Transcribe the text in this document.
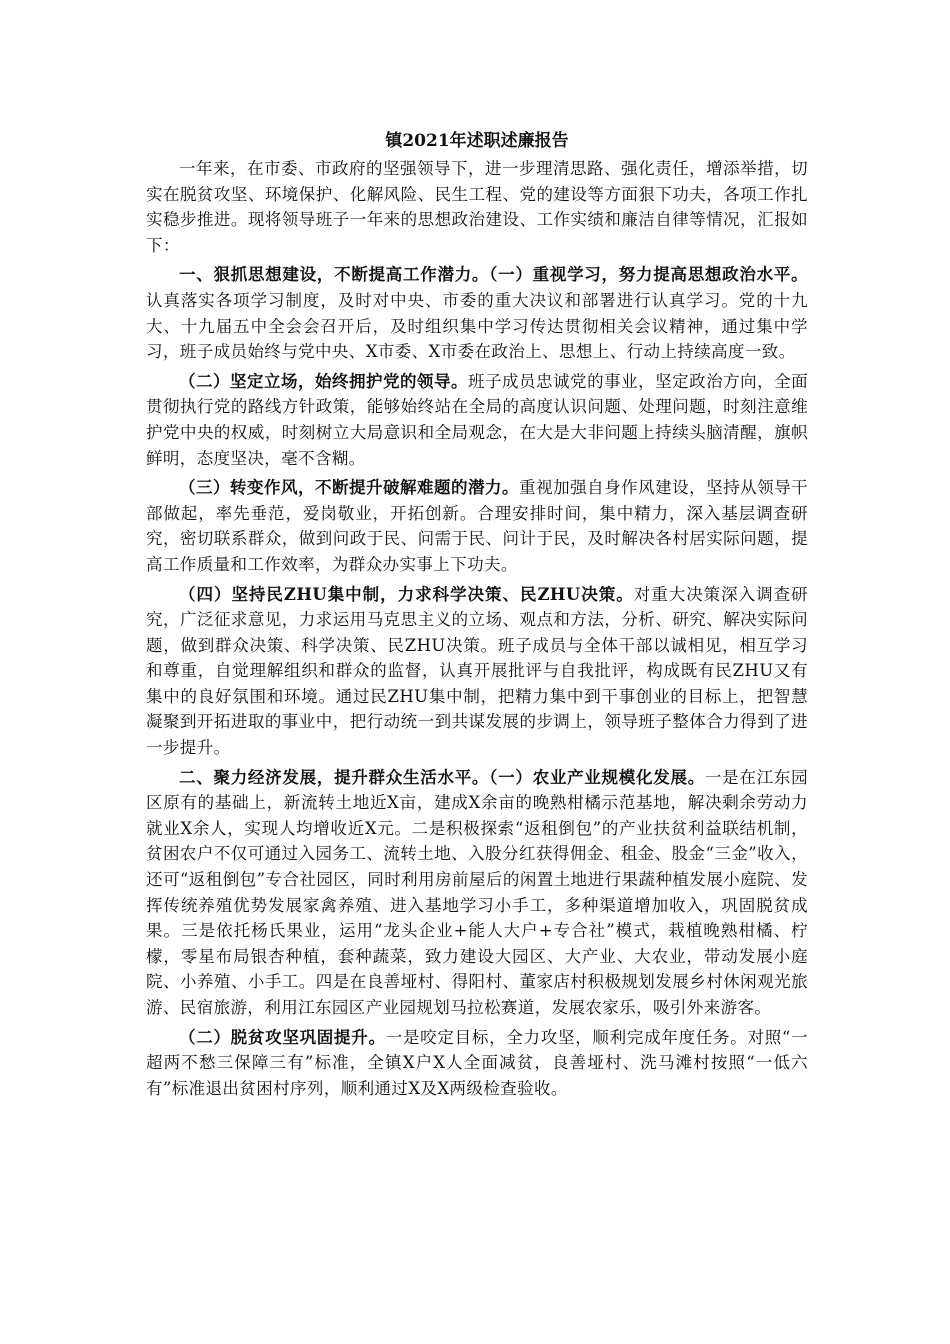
镇2021年述职述廉报告

一年来，在市委、市政府的坚强领导下，进一步理清思路、强化责任，增添举措，切实在脱贫攻坚、环境保护、化解风险、民生工程、党的建设等方面狠下功夫，各项工作扎实稳步推进。现将领导班子一年来的思想政治建设、工作实绩和廉洁自律等情况，汇报如下：

一、狠抓思想建设，不断提高工作潜力。（一）重视学习，努力提高思想政治水平。认真落实各项学习制度，及时对中央、市委的重大决议和部署进行认真学习。党的十九大、十九届五中全会会召开后，及时组织集中学习传达贯彻相关会议精神，通过集中学习，班子成员始终与党中央、X市委、X市委在政治上、思想上、行动上持续高度一致。

（二）坚定立场，始终拥护党的领导。班子成员忠诚党的事业，坚定政治方向，全面贯彻执行党的路线方针政策，能够始终站在全局的高度认识问题、处理问题，时刻注意维护党中央的权威，时刻树立大局意识和全局观念，在大是大非问题上持续头脑清醒，旗帜鲜明，态度坚决，毫不含糊。

（三）转变作风，不断提升破解难题的潜力。重视加强自身作风建设，坚持从领导干部做起，率先垂范，爱岗敬业，开拓创新。合理安排时间，集中精力，深入基层调查研究，密切联系群众，做到问政于民、问需于民、问计于民，及时解决各村居实际问题，提高工作质量和工作效率，为群众办实事上下功夫。

（四）坚持民ZHU集中制，力求科学决策、民ZHU决策。对重大决策深入调查研究，广泛征求意见，力求运用马克思主义的立场、观点和方法，分析、研究、解决实际问题，做到群众决策、科学决策、民ZHU决策。班子成员与全体干部以诚相见，相互学习和尊重，自觉理解组织和群众的监督，认真开展批评与自我批评，构成既有民ZHU又有集中的良好氛围和环境。通过民ZHU集中制，把精力集中到干事创业的目标上，把智慧凝聚到开拓进取的事业中，把行动统一到共谋发展的步调上，领导班子整体合力得到了进一步提升。

二、聚力经济发展，提升群众生活水平。（一）农业产业规模化发展。一是在江东园区原有的基础上，新流转土地近X亩，建成X余亩的晚熟柑橘示范基地，解决剩余劳动力就业X余人，实现人均增收近X元。二是积极探索“返租倒包”的产业扶贫利益联结机制，贫困农户不仅可通过入园务工、流转土地、入股分红获得佣金、租金、股金“三金”收入，还可“返租倒包”专合社园区，同时利用房前屋后的闲置土地进行果蔬种植发展小庭院、发挥传统养殖优势发展家禽养殖、进入基地学习小手工，多种渠道增加收入，巩固脱贫成果。三是依托杨氏果业，运用“龙头企业+能人大户+专合社”模式，栽植晚熟柑橘、柠檬，零星布局银杏种植，套种蔬菜，致力建设大园区、大产业、大农业，带动发展小庭院、小养殖、小手工。四是在良善垭村、得阳村、董家店村积极规划发展乡村休闲观光旅游、民宿旅游，利用江东园区产业园规划马拉松赛道，发展农家乐，吸引外来游客。

（二）脱贫攻坚巩固提升。一是咬定目标，全力攻坚，顺利完成年度任务。对照“一超两不愁三保障三有”标准，全镇X户X人全面减贫，良善垭村、洗马滩村按照“一低六有”标准退出贫困村序列，顺利通过X及X两级检查验收。
